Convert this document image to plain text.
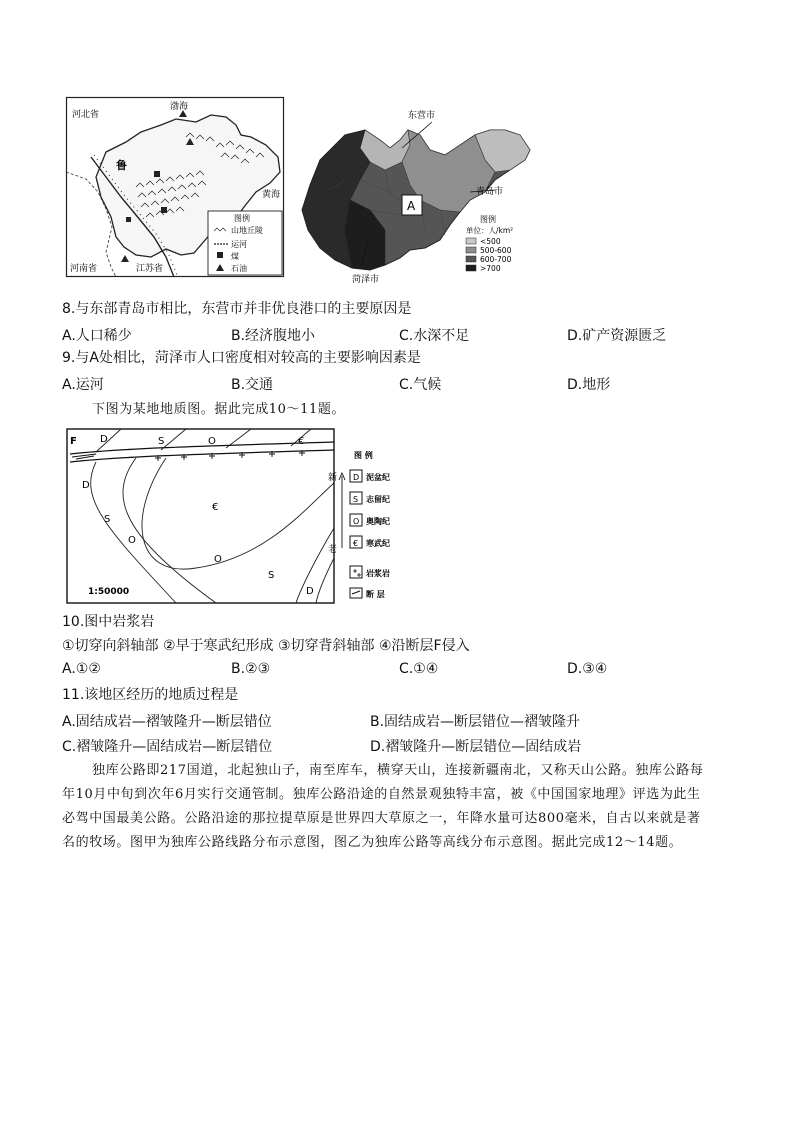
河北省
渤海
黄海
河南省	江苏省
鲁
图例
山地丘陵
运河
煤
石油
A
东营市
青岛市
菏泽市
图例
单位：人/km²
<500
500-600
600-700
>700
8.与东部青岛市相比，东营市并非优良港口的主要原因是
A.人口稀少	B.经济腹地小	C.水深不足	D.矿产资源匮乏
9.与A处相比，菏泽市人口密度相对较高的主要影响因素是
A.运河	B.交通	C.气候	D.地形
下图为某地地质图。据此完成10～11题。
F D	S	O	€
D
S
O
€
O
S
D
1:50000
新
老
图 例
D 泥盆纪
S 志留纪
O 奥陶纪
€ 寒武纪
岩浆岩
断 层
10.图中岩浆岩
①切穿向斜轴部 ②早于寒武纪形成 ③切穿背斜轴部 ④沿断层F侵入
A.①②	B.②③	C.①④	D.③④
11.该地区经历的地质过程是
A.固结成岩—褶皱隆升—断层错位	B.固结成岩—断层错位—褶皱隆升
C.褶皱隆升—固结成岩—断层错位	D.褶皱隆升—断层错位—固结成岩
独库公路即217国道，北起独山子，南至库车，横穿天山，连接新疆南北，又称天山公路。独库公路每
年10月中旬到次年6月实行交通管制。独库公路沿途的自然景观独特丰富，被《中国国家地理》评选为此生
必驾中国最美公路。公路沿途的那拉提草原是世界四大草原之一，年降水量可达800毫米，自古以来就是著
名的牧场。图甲为独库公路线路分布示意图，图乙为独库公路等高线分布示意图。据此完成12～14题。
